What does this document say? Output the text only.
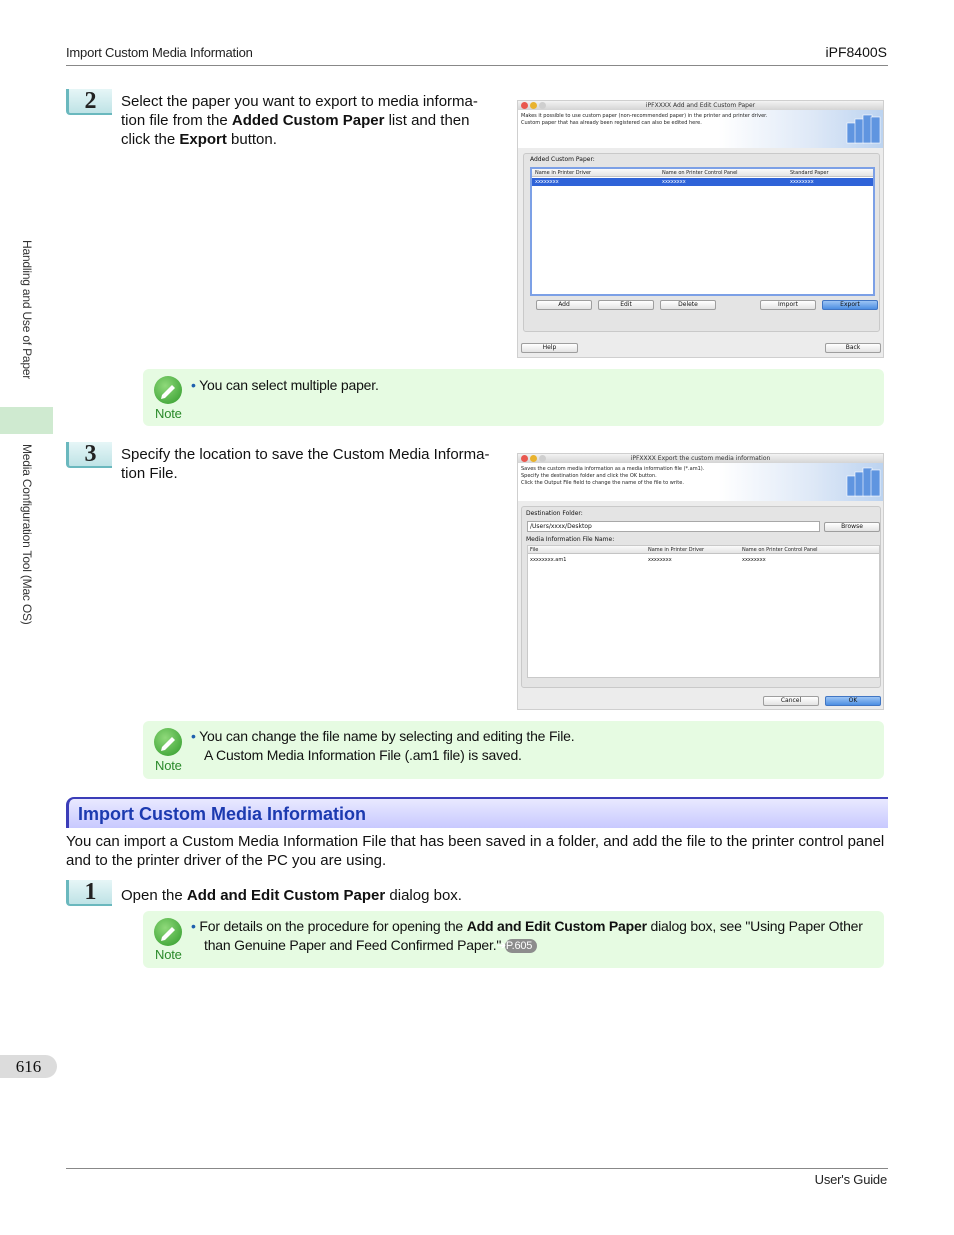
Import Custom Media Information	iPF8400S
Handling and Use of Paper
Media Configuration Tool (Mac OS)
2	Select the paper you want to export to media informa-tion file from the Added Custom Paper list and then click the Export button.
iPFXXXX Add and Edit Custom Paper
Makes it possible to use custom paper (non-recommended paper) in the printer and printer driver.
Custom paper that has already been registered can also be edited here.
Added Custom Paper:
Name in Printer Driver	Name on Printer Control Panel	Standard Paper
xxxxxxxx	xxxxxxxx	xxxxxxxx
Add	Edit	Delete	Import	Export
Help	Back
Note
• You can select multiple paper.
3	Specify the location to save the Custom Media Informa-tion File.
iPFXXXX Export the custom media information
Saves the custom media information as a media information file (*.am1).
Specify the destination folder and click the OK button.
Click the Output File field to change the name of the file to write.
Destination Folder:
/Users/xxxx/Desktop	Browse
Media Information File Name:
File	Name in Printer Driver	Name on Printer Control Panel
xxxxxxxx.am1	xxxxxxxx	xxxxxxxx
Cancel	OK
Note
• You can change the file name by selecting and editing the File.
A Custom Media Information File (.am1 file) is saved.
Import Custom Media Information
You can import a Custom Media Information File that has been saved in a folder, and add the file to the printer control panel and to the printer driver of the PC you are using.
1	Open the Add and Edit Custom Paper dialog box.
Note
• For details on the procedure for opening the Add and Edit Custom Paper dialog box, see "Using Paper Other than Genuine Paper and Feed Confirmed Paper." ➔P.605
616
User's Guide
